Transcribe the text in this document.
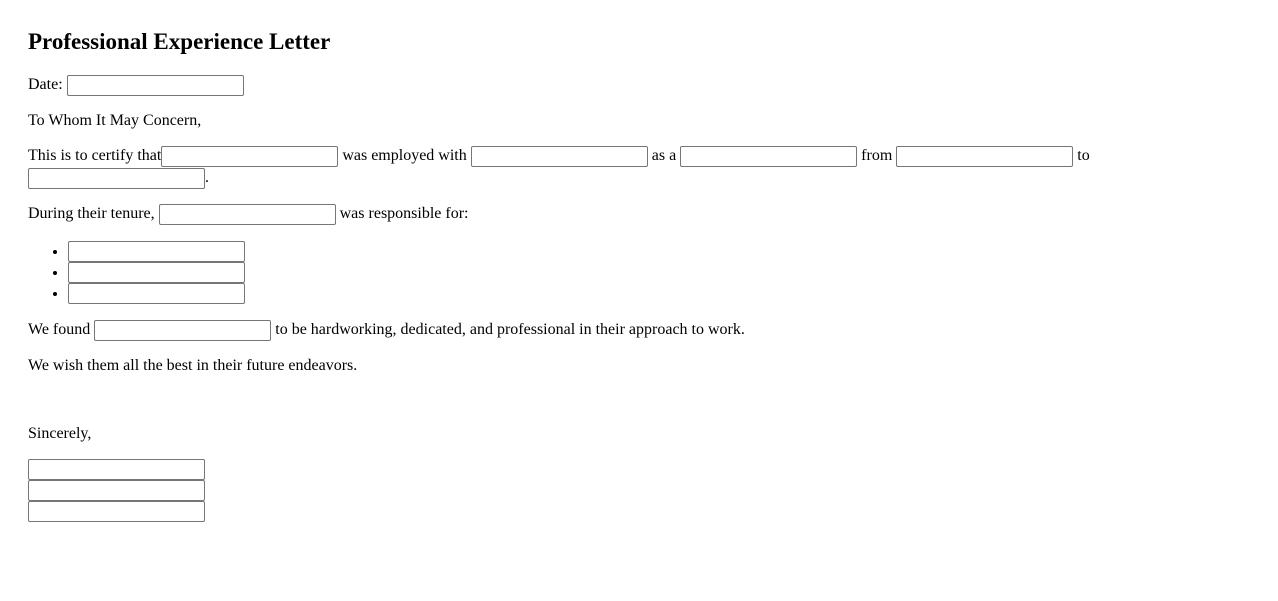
Professional Experience Letter
Date:
To Whom It May Concern,
This is to certify that	was employed with	as a	from	to
.
During their tenure,	was responsible for:
•
•
•
We found	to be hardworking, dedicated, and professional in their approach to work.
We wish them all the best in their future endeavors.
Sincerely,
